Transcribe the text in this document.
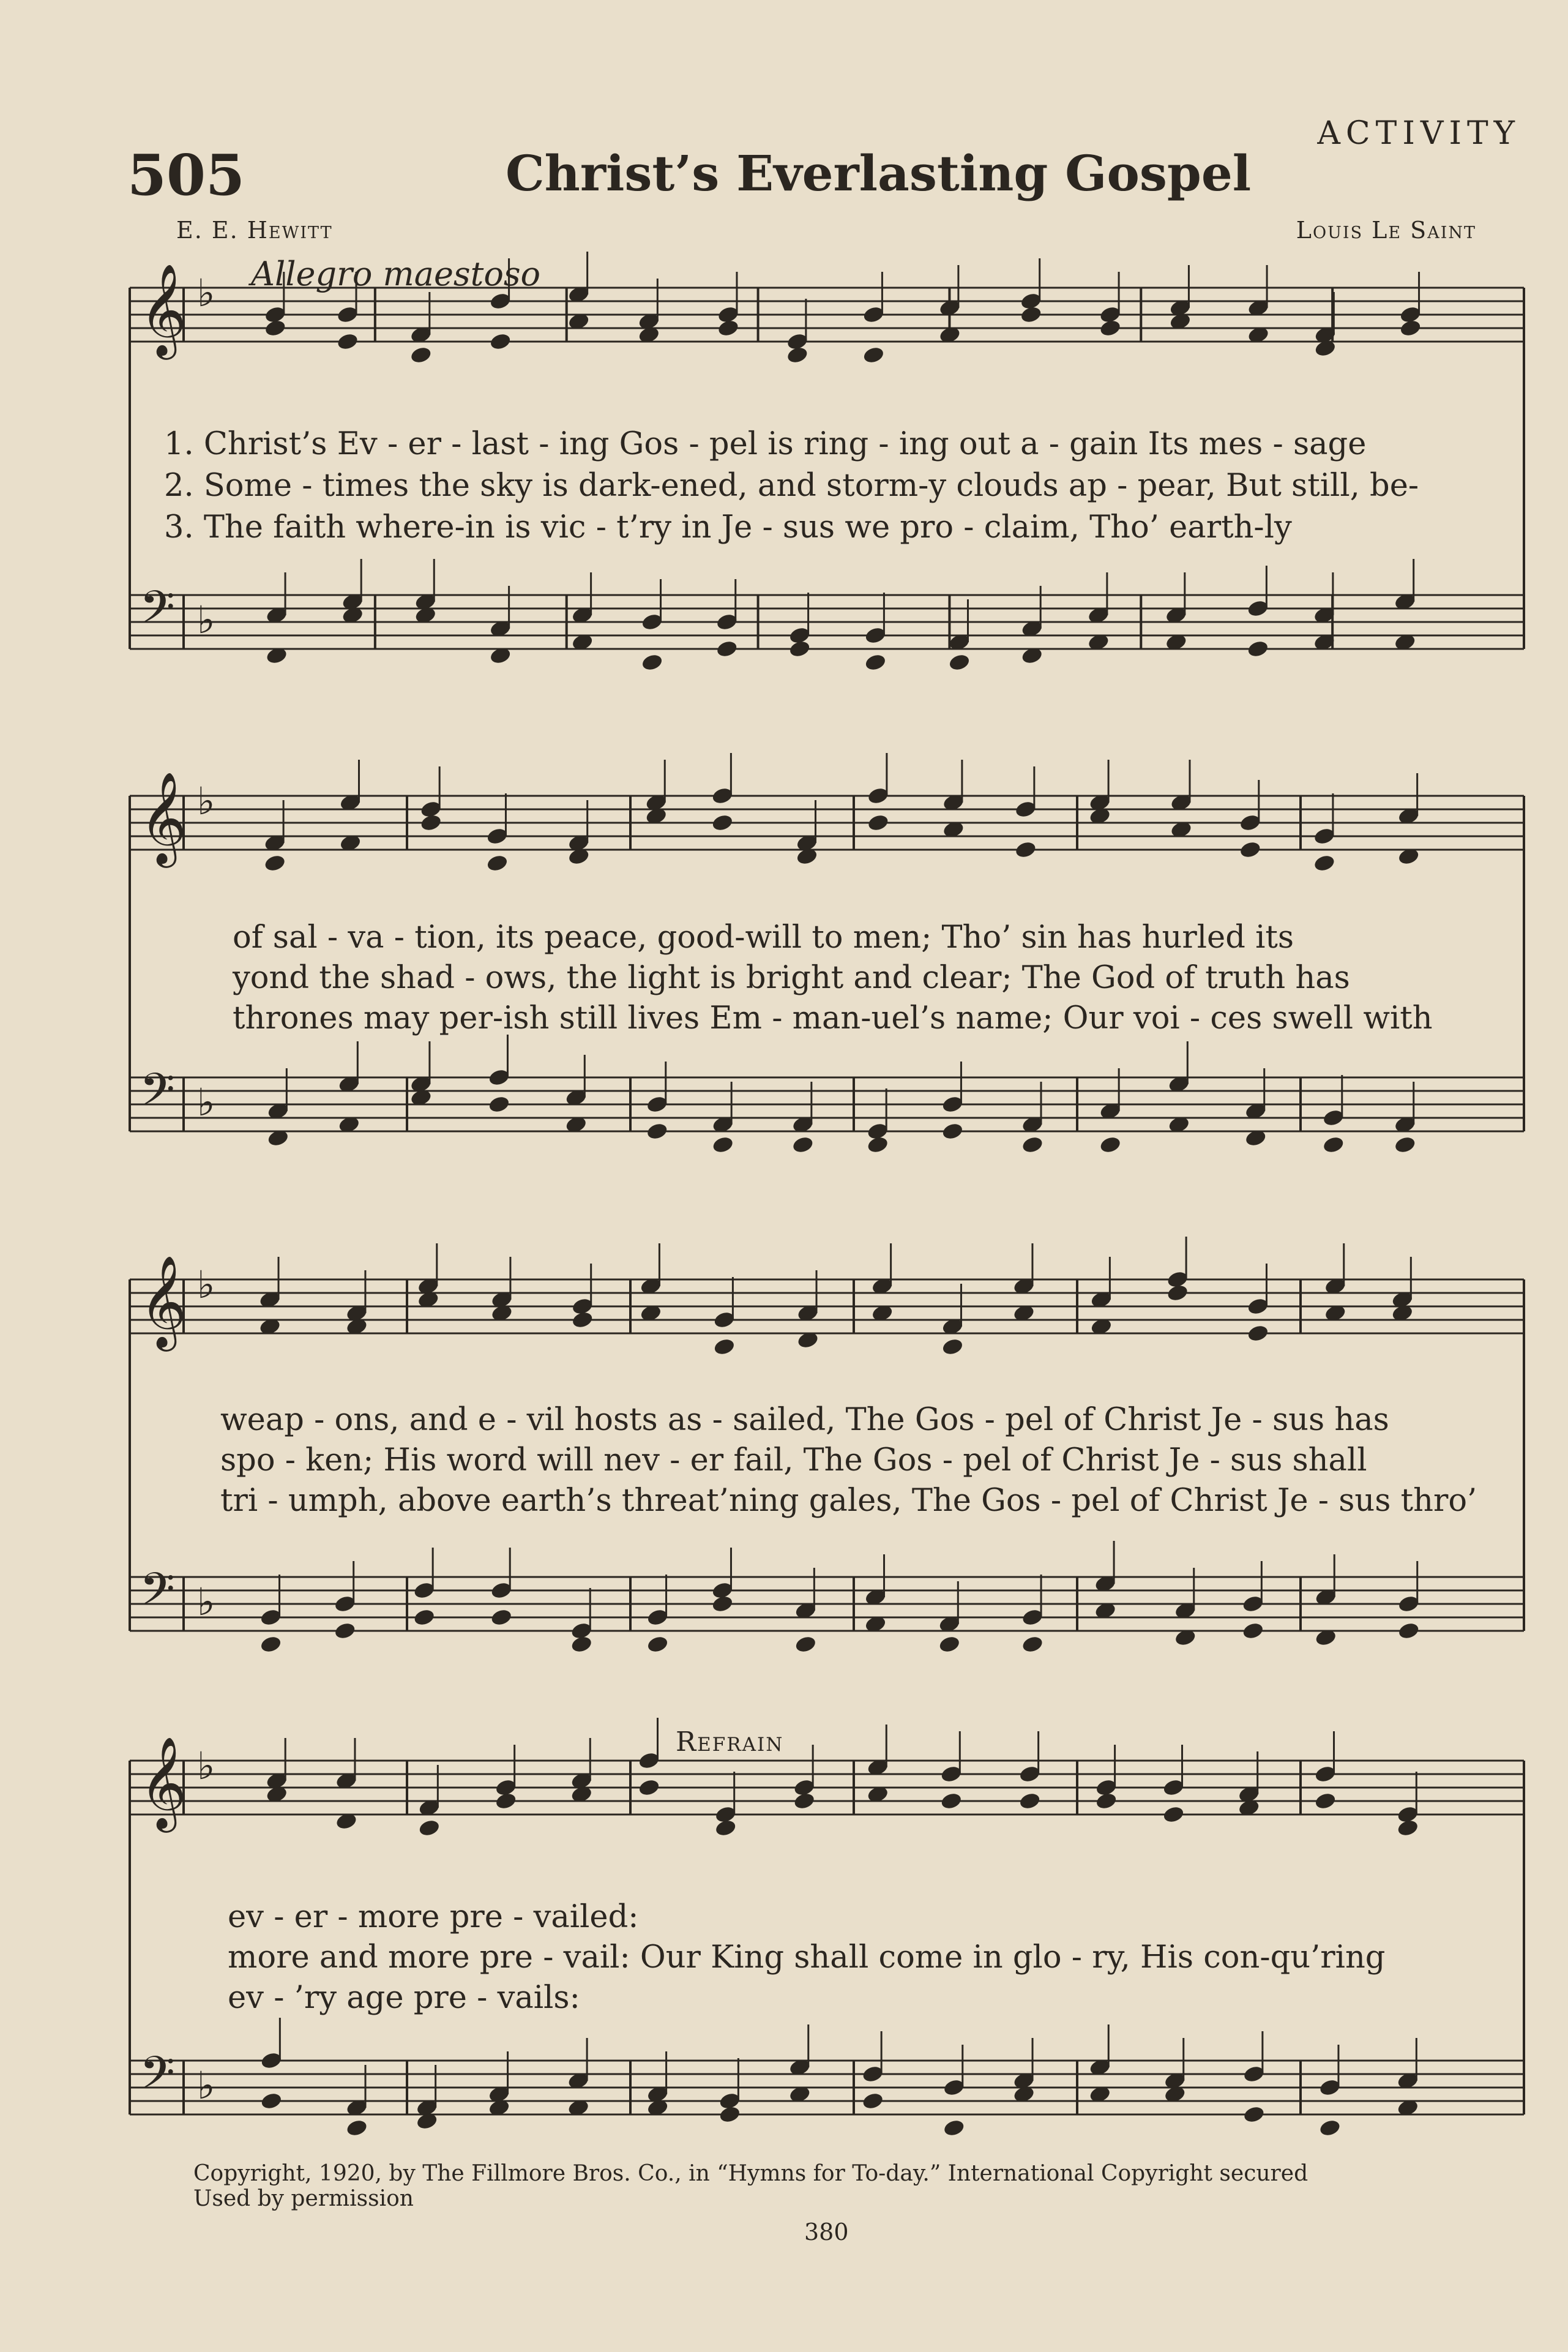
ACTIVITY
505	Christ’s Everlasting Gospel
E. E. Hewitt	Louis Le Saint
Allegro maestoso
𝄞 ♭
𝄢 ♭
𝄞 ♭
𝄢 ♭
𝄞 ♭
𝄢 ♭
𝄞 ♭
𝄢 ♭
1. Christ’s Ev - er - last - ing Gos - pel is ring - ing out a - gain Its mes - sage
2. Some - times the sky is dark-ened, and storm-y clouds ap - pear, But still, be-
3. The faith where-in is vic - t’ry in Je - sus we pro - claim, Tho’ earth-ly
of sal - va - tion, its peace, good-will to men; Tho’ sin has hurled its
yond the shad - ows, the light is bright and clear; The God of truth has
thrones may per-ish still lives Em - man-uel’s name; Our voi - ces swell with
weap - ons, and e - vil hosts as - sailed, The Gos - pel of Christ Je - sus has
spo - ken; His word will nev - er fail, The Gos - pel of Christ Je - sus shall
tri - umph, above earth’s threat’ning gales, The Gos - pel of Christ Je - sus thro’
Refrain
ev - er - more pre - vailed:
more and more pre - vail: Our King shall come in glo - ry, His con-qu’ring
ev - ’ry age pre - vails:
Copyright, 1920, by The Fillmore Bros. Co., in “Hymns for To-day.” International Copyright secured
Used by permission
380
